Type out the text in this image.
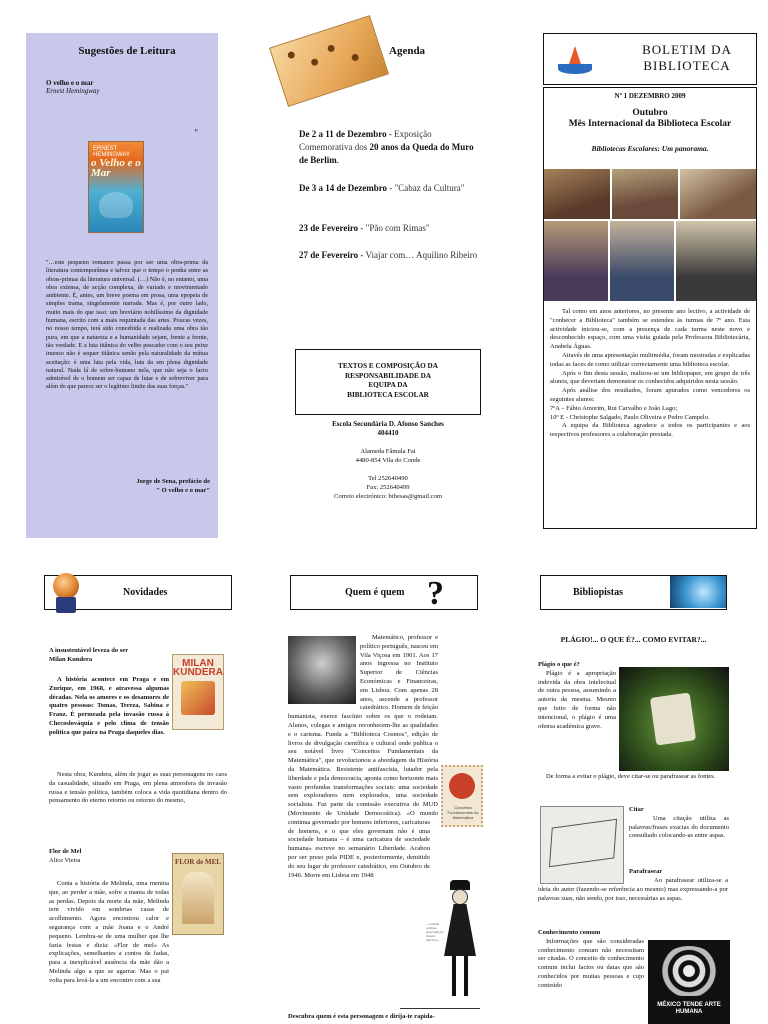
Sugestões de Leitura
O velho e o mar
Ernest Hemingway
"
ERNEST HEMINGWAY
o Velho e o Mar

"…este pequeno romance passa por ser uma obra-prima da literatura contemporânea e talvez que o tempo o ponha entre as obras-primas da literatura universal. (…) Não é, no entanto, uma obra extensa, de acção complexa, de variado e movimentado ambiente. É, antes, um breve poema em prosa, uma epopeia de simples trama, singelamente narrada. Mas é, por outro lado, muito mais do que isso: um breviário nobilíssimo da dignidade humana, escrito com a mais requintada das artes. Poucas vezes, no nosso tempo, terá sido concebida e realizada uma obra tão pura, em que a natureza e a humanidade sejam, frente a frente, tão verdade. E a luta titânica do velho pescador com o seu peixe imenso não é sequer titânica senão pela naturalidade da mútua aceitação: é uma luta pela vida, luta da em plena dignidade natural. Nada lá de sobre-humano nela, que não seja o facto admirável de o homem ser capaz de lutar e de sobreviver para além do que parece ser o legítimo limite das suas forças."

Jorge de Sena, prefácio de
" O velho e o mar"
●
●
●
●
Agenda
De 2 a 11 de Dezembro - Exposição Comemorativa dos 20 anos da Queda do Muro de Berlim.
De 3 a 14 de Dezembro - "Cabaz da Cultura"
23 de Fevereiro - "Pão com Rimas"
27 de Fevereiro - Viajar com… Aquilino Ribeiro
TEXTOS E COMPOSIÇÃO DA
RESPONSABILIDADE DA
EQUIPA DA
BIBLIOTECA ESCOLAR
Escola Secundária D. Afonso Sanches
404410
Alameda Fâmula Fai
4480-854 Vila do Conde
Tel 252640490
Fax: 252640499
Correio electrónico: bibesas@gmail.com
BOLETIM DA
BIBLIOTECA
Nº 1 DEZEMBRO 2009
Outubro
Mês Internacional da Biblioteca Escolar
Bibliotecas Escolares: Um panorama.

Tal como em anos anteriores, no presente ano lectivo, a actividade de "conhecer a Biblioteca" também se estendeu às turmas de 7º ano. Esta actividade iniciou-se, com a presença de cada turma neste novo e desconhecido espaço, com uma visita guiada pela Professora Bibliotecária, Anabela Águas.

Através de uma apresentação multimédia, foram mostradas e explicadas todas as faces de como utilizar correctamente uma biblioteca escolar.

Após o fim desta sessão, realizou-se um bibliopaper, em grupo de três alunos, que deveriam demonstrar os conhecidos adquiridos nesta sessão.

Após análise dos resultados, foram apurados como vencedores os seguintes alunos:

7ºA – Fábio Amorim, Rui Carvalho e João Lago;

10º E - Christophe Salgado, Paulo Oliveira e Pedro Campelo.

A equipa da Biblioteca agradece a todos os participantes e aos respectivos professores a colaboração prestada.

Novidades

A insustentável leveza do ser

Milan Kundera

A história acontece em Praga e em Zurique, em 1968, e atravessa algumas décadas. Nela os amores e os desamores de quatro pessoas: Tomas, Tereza, Sabina e Franz. É permeada pela invasão russa à Checoslováquia e pelo clima de tensão política que paira na Praga daqueles dias.

Nesta obra, Kundera, além de jogar as suas personagens no caos da casualidade, situado em Praga, em plena atmosfera de invasão russa e tensão política, também coloca a vida quotidiana dentro do pensamento do eterno retorno ou retorno do mesmo,

MILAN KUNDERA

Flor de Mel

Alice Vieira

Conta a história de Melinda, uma menina que, ao perder a mãe, sofre a mania de todas as perdas. Depois da morte da mãe, Melinda tem vivido em sombrias casas de acolhimento. Agora encontrou calor e segurança com a mãe Joana e o André pequeno. Lembra-se de uma mulher que lhe fazia festas e dizia: «Flor de mel» As explicações, semelhantes a contos de fadas, para a inexplicável ausência da mãe dão a Melinda algo a que se agarrar. Mas o pai volta para levá-la a um encontro com a sua

FLOR de MEL
Quem é quem ?
Conceitos Fundamentais da Matemática
…o mundo continua governado por homens inferiores…

Matemático, professor e político português, nasceu em Vila Viçosa em 1901. Aos 17 anos ingressa no Instituto Superior de Ciências Económicas e Financeiras, em Lisboa. Com apenas 28 anos, ascende a professor catedrático. Homem de feição humanista, exerce fascínio sobre os que o rodeiam. Alunos, colegas e amigos reconhecem-lhe as qualidades e o carisma. Funda a "Biblioteca Cosmos", edição de livros de divulgação científica e cultural onde publica o seu notável livro "Conceitos Fundamentais da Matemática", que revolucionou a abordagem da História da Matemática. Resistente antifascista, lutador pela liberdade e pela democracia, aponta como horizonte mais vasto profundas transformações sociais: uma sociedade sem exploradores nem explorados, uma sociedade socialista. Faz parte da comissão executiva do MUD (Movimento de Unidade Democrática). «O mundo continua governado por homens inferiores, caricaturas de homens, e o que eles governam não é uma sociedade humana – é uma caricatura de sociedade humana» escreve no semanário Liberdade. Acabou por ser preso pela PIDE e, posteriormente, demitido do seu lugar de professor catedrático, em Outubro de 1946. Morre em Lisboa em 1948

Descubra quem é esta personagem e dirija-te rapida-
Bibliopistas
PLÁGIO!... O QUE É?... COMO EVITAR?...

Plágio o que é?

Plágio é a apropriação indevida da obra intelectual de outra pessoa, assumindo a autoria da mesma. Mesmo que feito de forma não intencional, o plágio é uma ofensa académica grave.

De forma a evitar o plágio, deve citar-se ou parafrasear as fontes.

Citar

Uma citação utiliza as palavras/frases exactas do documento consultado colocando-as entre aspas.

Parafrasear

Ao parafrasear utiliza-se a ideia do autor (fazendo-se referência ao mesmo) mas expressando-a por palavras suas, não sendo, por isso, necessárias as aspas.

Conhecimento comum

Informações que são consideradas conhecimento comum não necessitam ser citadas. O conceito de conhecimento comum inclui factos ou datas que são conhecidos por muitas pessoas e cujo conteúdo

MÉXICO TENDE ARTE HUMANA
